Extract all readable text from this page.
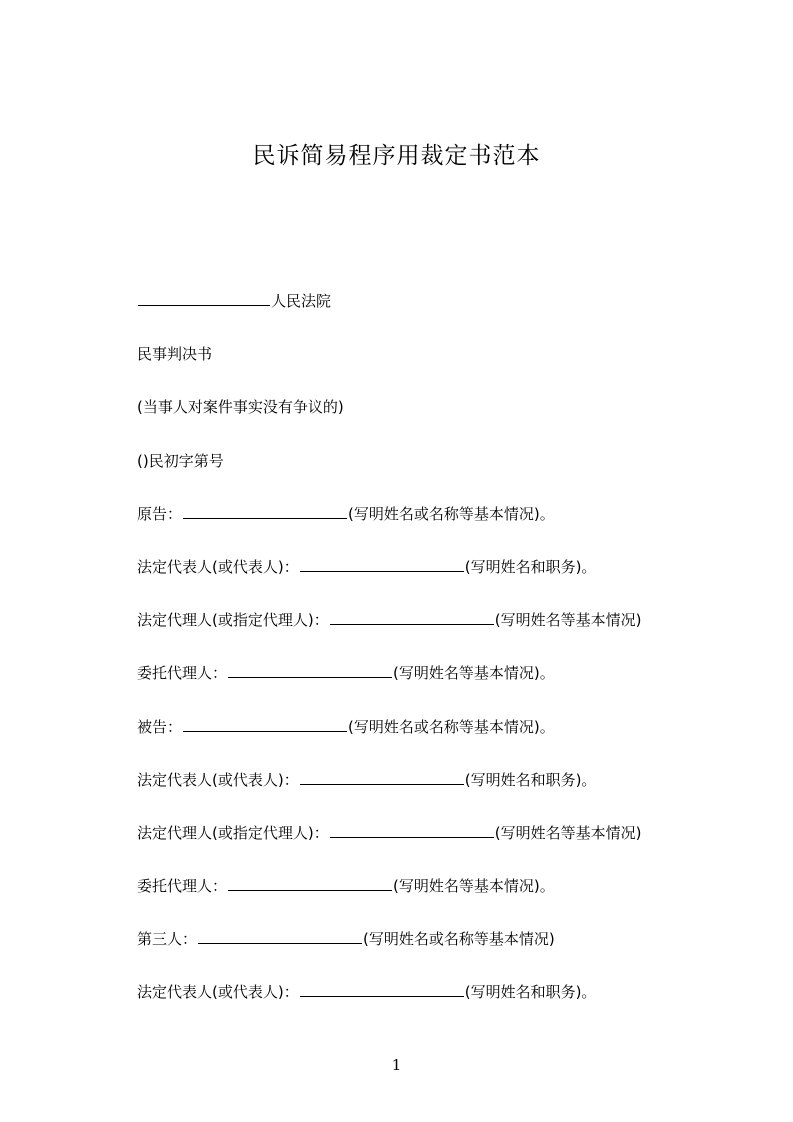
民诉简易程序用裁定书范本
人民法院
民事判决书
(当事人对案件事实没有争议的)
()民初字第号
原告：	(写明姓名或名称等基本情况)。
法定代表人(或代表人)：	(写明姓名和职务)。
法定代理人(或指定代理人)：	(写明姓名等基本情况)
委托代理人：	(写明姓名等基本情况)。
被告：	(写明姓名或名称等基本情况)。
法定代表人(或代表人)：	(写明姓名和职务)。
法定代理人(或指定代理人)：	(写明姓名等基本情况)
委托代理人：	(写明姓名等基本情况)。
第三人：	(写明姓名或名称等基本情况)
法定代表人(或代表人)：	(写明姓名和职务)。
1
